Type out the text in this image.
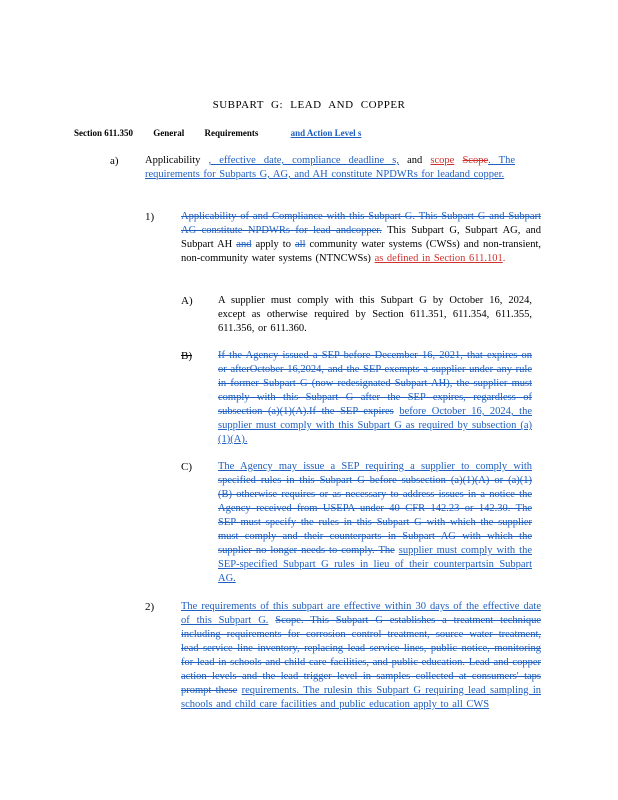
SUBPART G: LEAD AND COPPER
Section 611.350 General Requirements	and Action Level s
a)	Applicability , effective date, compliance deadline s, and scope Scope. The requirements for Subparts G, AG, and AH constitute NPDWRs for leadand copper.
1)	Applicability of and Compliance with this Subpart G. This Subpart G and Subpart AG constitute NPDWRs for lead andcopper. This Subpart G, Subpart AG, and Subpart AH and apply to all community water systems (CWSs) and non-transient, non-community water systems (NTNCWSs) as defined in Section 611.101.
A) A supplier must comply with this Subpart G by October 16, 2024, except as otherwise required by Section 611.351, 611.354, 611.355, 611.356, or 611.360.
B) If the Agency issued a SEP before December 16, 2021, that expires on or afterOctober 16,2024, and the SEP exempts a supplier under any rule in former Subpart G (now redesignated Subpart AH), the supplier must comply with this Subpart G after the SEP expires, regardless of subsection (a)(1)(A).If the SEP expires before October 16, 2024, the supplier must comply with this Subpart G as required by subsection (a)(1)(A).
C) The Agency may issue a SEP requiring a supplier to comply with specified rules in this Subpart G before subsection (a)(1)(A) or (a)(1)(B) otherwise requires or as necessary to address issues in a notice the Agency received from USEPA under 40 CFR 142.23 or 142.30. The SEP must specify the rules in this Subpart G with which the supplier must comply and their counterparts in Subpart AG with which the supplier no longer needs to comply. The supplier must comply with the SEP-specified Subpart G rules in lieu of their counterpartsin Subpart AG.
2)	The requirements of this subpart are effective within 30 days of the effective date of this Subpart G. Scope. This Subpart G establishes a treatment technique including requirements for corrosion control treatment, source water treatment, lead service line inventory, replacing lead service lines, public notice, monitoring for lead in schools and child care facilities, and public education. Lead and copper action levels and the lead trigger level in samples collected at consumers' taps prompt these requirements. The rulesin this Subpart G requiring lead sampling in schools and child care facilities and public education apply to all CWS
